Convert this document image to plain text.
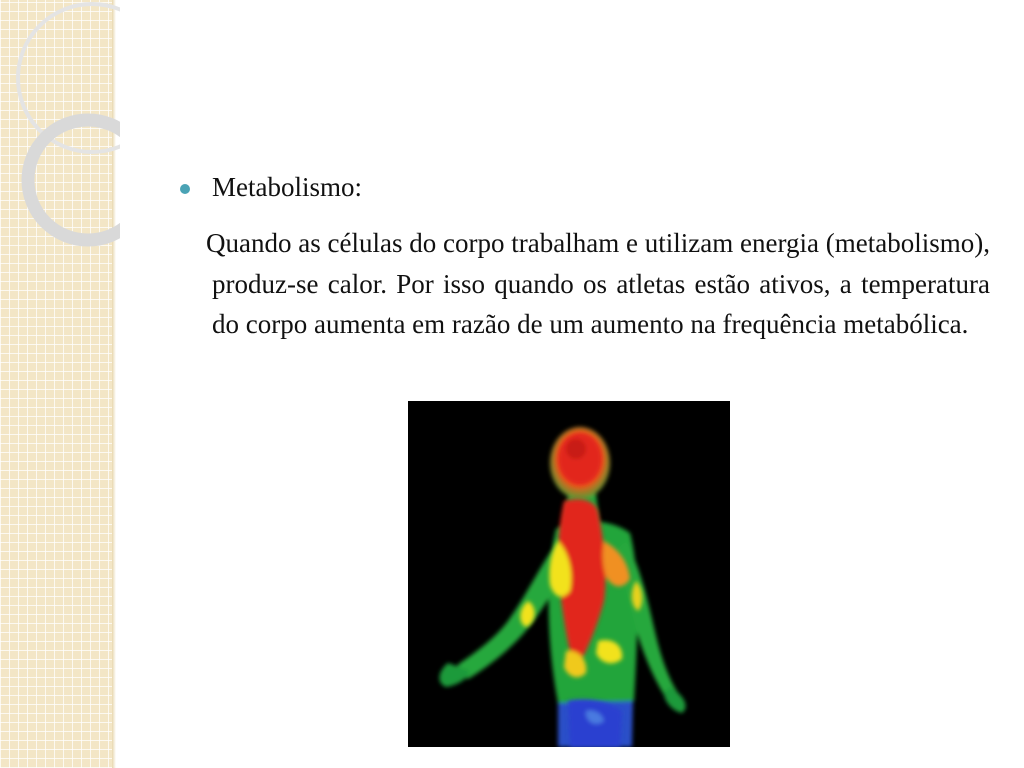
Metabolismo:
Quando as células do corpo trabalham e utilizam energia (metabolismo), produz-se calor. Por isso quando os atletas estão ativos, a temperatura do corpo aumenta em razão de um aumento na frequência metabólica.
